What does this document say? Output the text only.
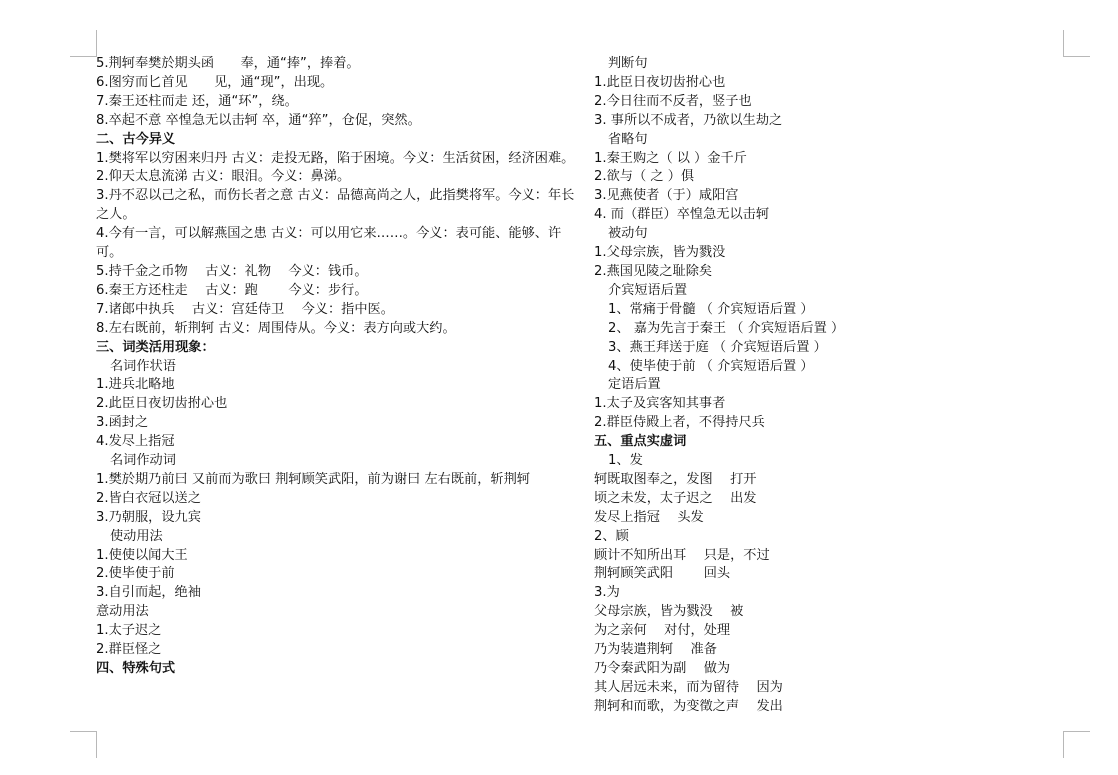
5.荆轲奉樊於期头函　　奉，通“捧”，捧着。
6.图穷而匕首见　　见，通“现”，出现。
7.秦王还柱而走 还，通“环”，绕。
8.卒起不意 卒惶急无以击轲 卒，通“猝”，仓促，突然。
二、古今异义
1.樊将军以穷困来归丹 古义：走投无路，陷于困境。今义：生活贫困，经济困难。
2.仰天太息流涕 古义：眼泪。今义：鼻涕。
3.丹不忍以己之私，而伤长者之意 古义：品德高尚之人，此指樊将军。今义：年长之人。
4.今有一言，可以解燕国之患 古义：可以用它来……。今义：表可能、能够、许可。
5.持千金之币物　 古义：礼物　 今义：钱币。
6.秦王方还柱走　 古义：跑　　 今义：步行。
7.诸郎中执兵　 古义：宫廷侍卫　 今义：指中医。
8.左右既前，斩荆轲 古义：周围侍从。今义：表方向或大约。
三、词类活用现象：
名词作状语
1.进兵北略地
2.此臣日夜切齿拊心也
3.函封之
4.发尽上指冠
名词作动词
1.樊於期乃前曰 又前而为歌曰 荆轲顾笑武阳，前为谢曰 左右既前，斩荆轲
2.皆白衣冠以送之
3.乃朝服，设九宾
使动用法
1.使使以闻大王
2.使毕使于前
3.自引而起，绝袖
意动用法
1.太子迟之
2.群臣怪之
四、特殊句式
判断句
1.此臣日夜切齿拊心也
2.今日往而不反者，竖子也
3. 事所以不成者，乃欲以生劫之
省略句
1.秦王购之（ 以 ）金千斤
2.欲与（ 之 ）俱
3.见燕使者（于）咸阳宫
4. 而（群臣）卒惶急无以击轲
被动句
1.父母宗族，皆为戮没
2.燕国见陵之耻除矣
介宾短语后置
1、常痛于骨髓 （ 介宾短语后置 ）
2、 嘉为先言于秦王 （ 介宾短语后置 ）
3、燕王拜送于庭 （ 介宾短语后置 ）
4、使毕使于前 （ 介宾短语后置 ）
定语后置
1.太子及宾客知其事者
2.群臣侍殿上者，不得持尺兵
五、重点实虚词
1、发
轲既取图奉之，发图　 打开
顷之未发，太子迟之　 出发
发尽上指冠　 头发
2、顾
顾计不知所出耳　 只是，不过
荆轲顾笑武阳　　 回头
3.为
父母宗族，皆为戮没　 被
为之亲何　 对付，处理
乃为装遣荆轲　 准备
乃令秦武阳为副　 做为
其人居远未来，而为留待　 因为
荆轲和而歌，为变徵之声　 发出
